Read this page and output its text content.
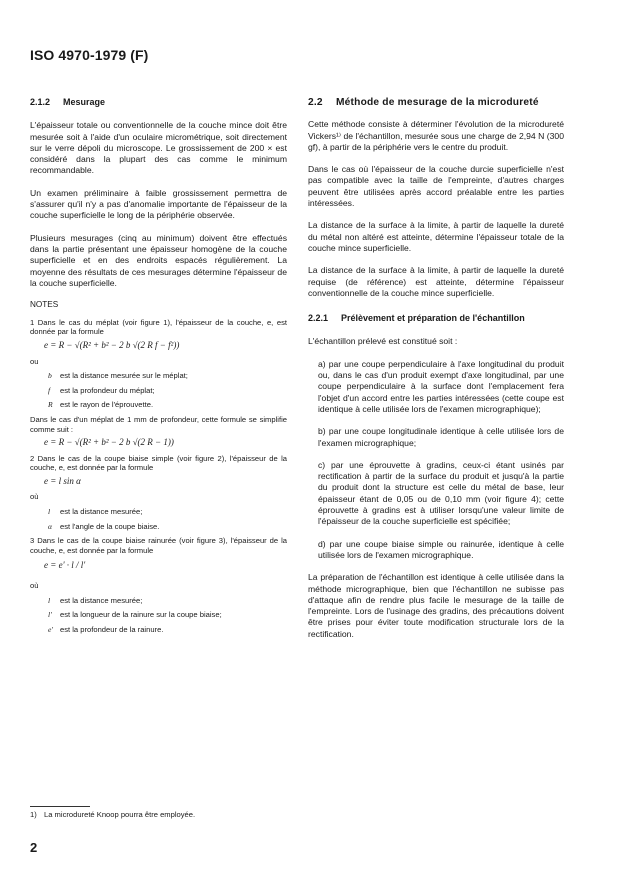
ISO 4970-1979 (F)
2.1.2 Mesurage

L'épaisseur totale ou conventionnelle de la couche mince doit être mesurée soit à l'aide d'un oculaire micrométrique, soit directement sur le verre dépoli du microscope. Le grossissement de 200 × est considéré dans la plupart des cas comme le minimum recommandable.

Un examen préliminaire à faible grossissement permettra de s'assurer qu'il n'y a pas d'anomalie importante de l'épaisseur de la couche superficielle le long de la périphérie observée.

Plusieurs mesurages (cinq au minimum) doivent être effectués dans la partie présentant une épaisseur homogène de la couche superficielle et en des endroits espacés régulièrement. La moyenne des résultats de ces mesurages détermine l'épaisseur de la couche superficielle.

NOTES

1 Dans le cas du méplat (voir figure 1), l'épaisseur de la couche, e, est donnée par la formule

e = R − √(R² + b² − 2 b √(2 R f − f²))
ou
b	est la distance mesurée sur le méplat;
f	est la profondeur du méplat;
R est le rayon de l'éprouvette.

Dans le cas d'un méplat de 1 mm de profondeur, cette formule se simplifie comme suit :

e = R − √(R² + b² − 2 b √(2 R − 1))

2 Dans le cas de la coupe biaise simple (voir figure 2), l'épaisseur de la couche, e, est donnée par la formule

e = l sin α
où
l	est la distance mesurée;
α	est l'angle de la coupe biaise.

3 Dans le cas de la coupe biaise rainurée (voir figure 3), l'épaisseur de la couche, e, est donnée par la formule

e = e' · l / l'
où
l	est la distance mesurée;
l'	est la longueur de la rainure sur la coupe biaise;
e' est la profondeur de la rainure.
2.2 Méthode de mesurage de la microdureté

Cette méthode consiste à déterminer l'évolution de la microdureté Vickers¹⁾ de l'échantillon, mesurée sous une charge de 2,94 N (300 gf), à partir de la périphérie vers le centre du produit.

Dans le cas où l'épaisseur de la couche durcie superficielle n'est pas compatible avec la taille de l'empreinte, d'autres charges peuvent être utilisées après accord préalable entre les parties intéressées.

La distance de la surface à la limite, à partir de laquelle la dureté du métal non altéré est atteinte, détermine l'épaisseur totale de la couche mince superficielle.

La distance de la surface à la limite, à partir de laquelle la dureté requise (de référence) est atteinte, détermine l'épaisseur conventionnelle de la couche mince superficielle.

2.2.1 Prélèvement et préparation de l'échantillon

L'échantillon prélevé est constitué soit :

a) par une coupe perpendiculaire à l'axe longitudinal du produit ou, dans le cas d'un produit exempt d'axe longitudinal, par une coupe perpendiculaire à la surface dont l'emplacement fera l'objet d'un accord entre les parties intéressées (cette coupe est identique à celle utilisée lors de l'examen micrographique);
b) par une coupe longitudinale identique à celle utilisée lors de l'examen micrographique;
c) par une éprouvette à gradins, ceux-ci étant usinés par rectification à partir de la surface du produit et jusqu'à la partie du produit dont la structure est celle du métal de base, leur épaisseur étant de 0,05 ou de 0,10 mm (voir figure 4); cette éprouvette à gradins est à utiliser lorsqu'une valeur limite de l'épaisseur de la couche superficielle est spécifiée;
d) par une coupe biaise simple ou rainurée, identique à celle utilisée lors de l'examen micrographique.

La préparation de l'échantillon est identique à celle utilisée dans la méthode micrographique, bien que l'échantillon ne subisse pas d'attaque afin de rendre plus facile le mesurage de la taille de l'empreinte. Lors de l'usinage des gradins, des précautions doivent être prises pour éviter toute modification structurale lors de la rectification.

1) La microdureté Knoop pourra être employée.
2
